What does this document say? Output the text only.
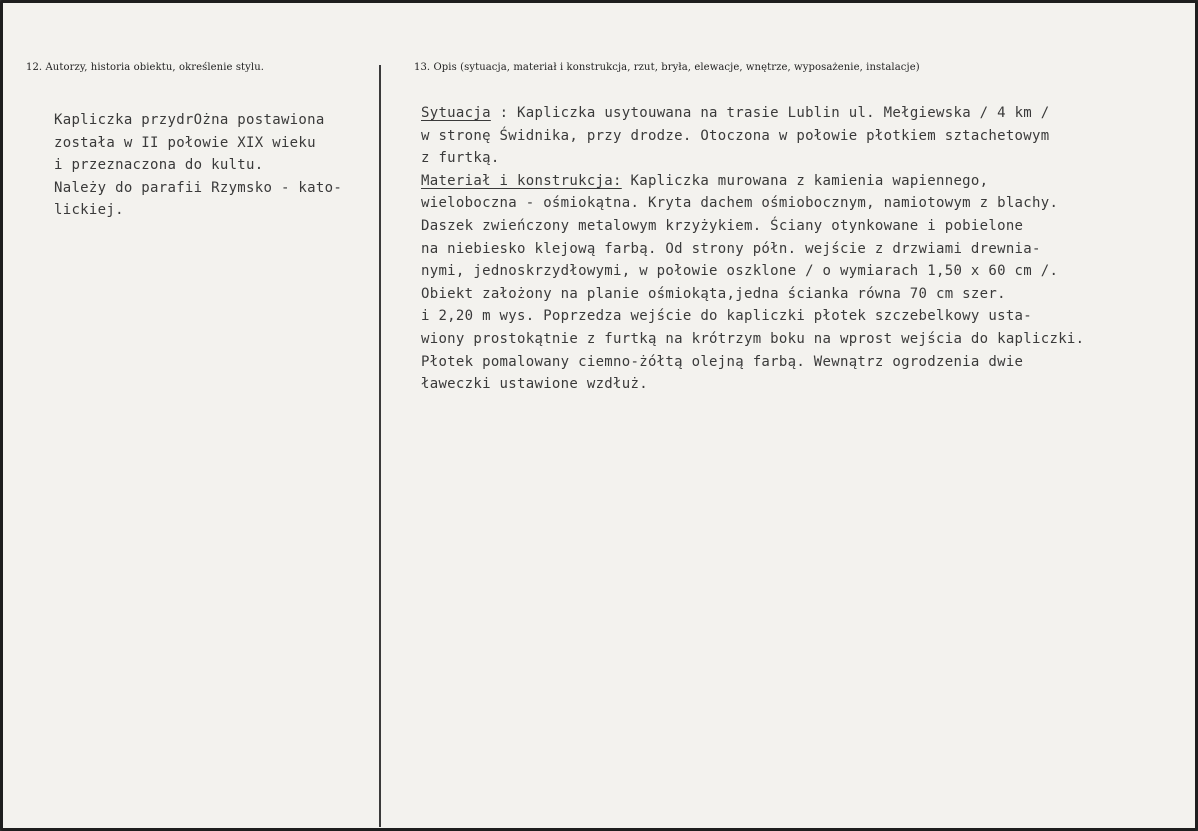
12. Autorzy, historia obiektu, określenie stylu.	13. Opis (sytuacja, materiał i konstrukcja, rzut, bryła, elewacje, wnętrze, wyposażenie, instalacje)
Kapliczka przydrOżna postawiona
została w II połowie XIX wieku
i przeznaczona do kultu.
Należy do parafii Rzymsko - kato-
lickiej.
Sytuacja : Kapliczka usytouwana na trasie Lublin ul. Mełgiewska / 4 km /
w stronę Świdnika, przy drodze. Otoczona w połowie płotkiem sztachetowym
z furtką.
Materiał i konstrukcja: Kapliczka murowana z kamienia wapiennego,
wieloboczna - ośmiokątna. Kryta dachem ośmiobocznym, namiotowym z blachy.
Daszek zwieńczony metalowym krzyżykiem. Ściany otynkowane i pobielone
na niebiesko klejową farbą. Od strony półn. wejście z drzwiami drewnia-
nymi, jednoskrzydłowymi, w połowie oszklone / o wymiarach 1,50 x 60 cm /.
Obiekt założony na planie ośmiokąta,jedna ścianka równa 70 cm szer.
i 2,20 m wys. Poprzedza wejście do kapliczki płotek szczebelkowy usta-
wiony prostokątnie z furtką na krótrzym boku na wprost wejścia do kapliczki.
Płotek pomalowany ciemno-żółtą olejną farbą. Wewnątrz ogrodzenia dwie
ławeczki ustawione wzdłuż.
